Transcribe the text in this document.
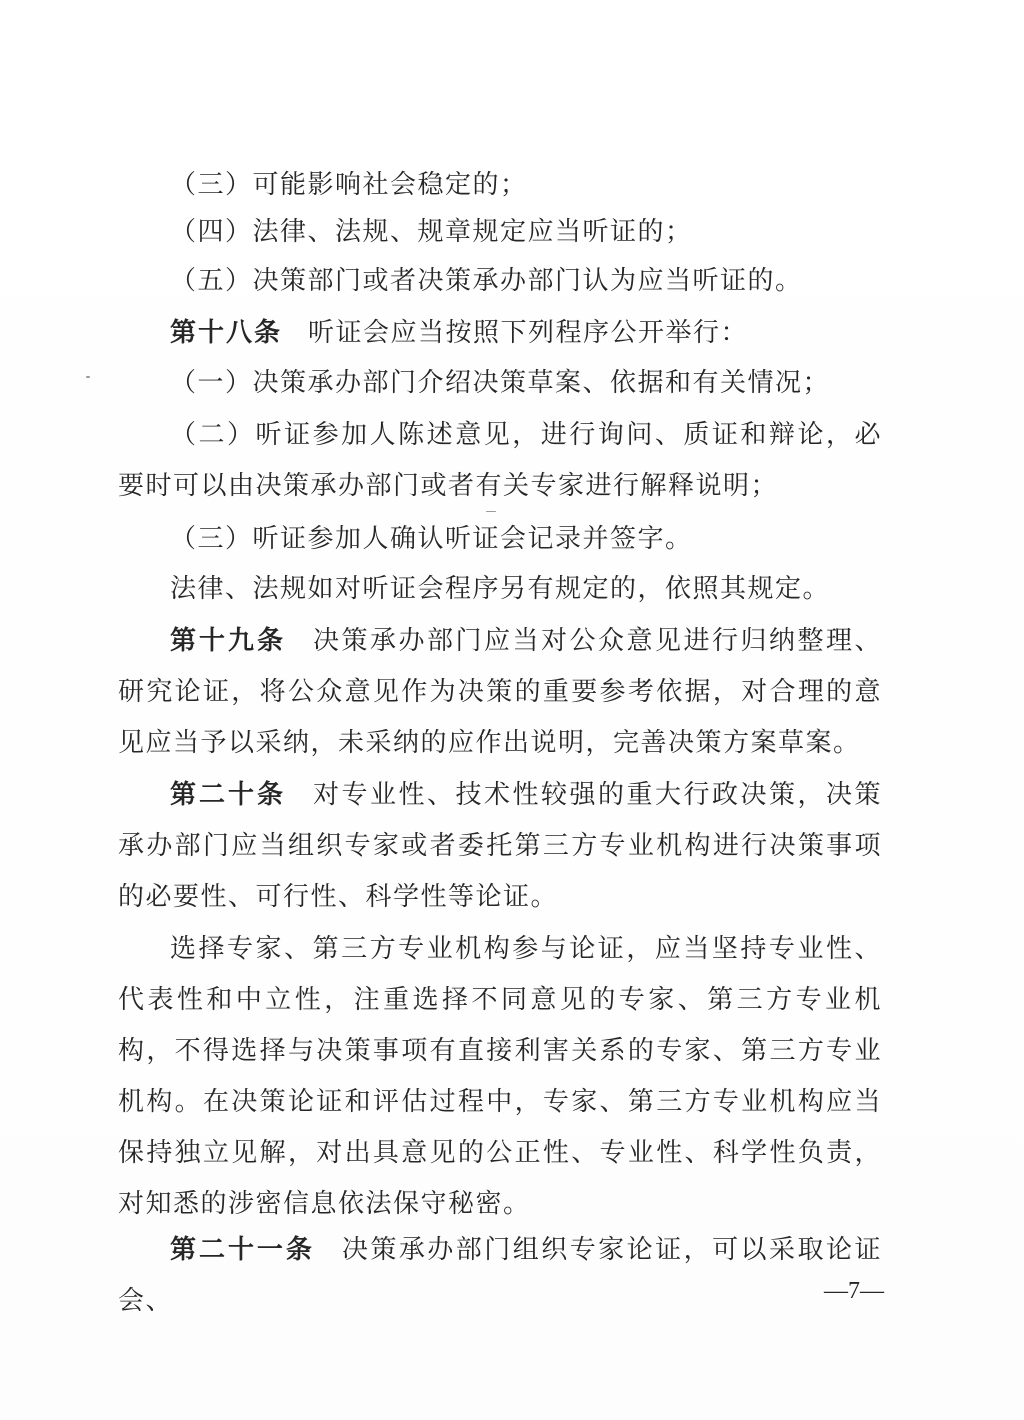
（三）可能影响社会稳定的；

（四）法律、法规、规章规定应当听证的；

（五）决策部门或者决策承办部门认为应当听证的。

第十八条 听证会应当按照下列程序公开举行：

（一）决策承办部门介绍决策草案、依据和有关情况；

（二）听证参加人陈述意见，进行询问、质证和辩论，必要时可以由决策承办部门或者有关专家进行解释说明；

（三）听证参加人确认听证会记录并签字。

法律、法规如对听证会程序另有规定的，依照其规定。

第十九条 决策承办部门应当对公众意见进行归纳整理、研究论证，将公众意见作为决策的重要参考依据，对合理的意见应当予以采纳，未采纳的应作出说明，完善决策方案草案。

第二十条 对专业性、技术性较强的重大行政决策，决策承办部门应当组织专家或者委托第三方专业机构进行决策事项的必要性、可行性、科学性等论证。

选择专家、第三方专业机构参与论证，应当坚持专业性、代表性和中立性，注重选择不同意见的专家、第三方专业机构，不得选择与决策事项有直接利害关系的专家、第三方专业机构。在决策论证和评估过程中，专家、第三方专业机构应当保持独立见解，对出具意见的公正性、专业性、科学性负责，对知悉的涉密信息依法保守秘密。

第二十一条 决策承办部门组织专家论证，可以采取论证会、	—7—
